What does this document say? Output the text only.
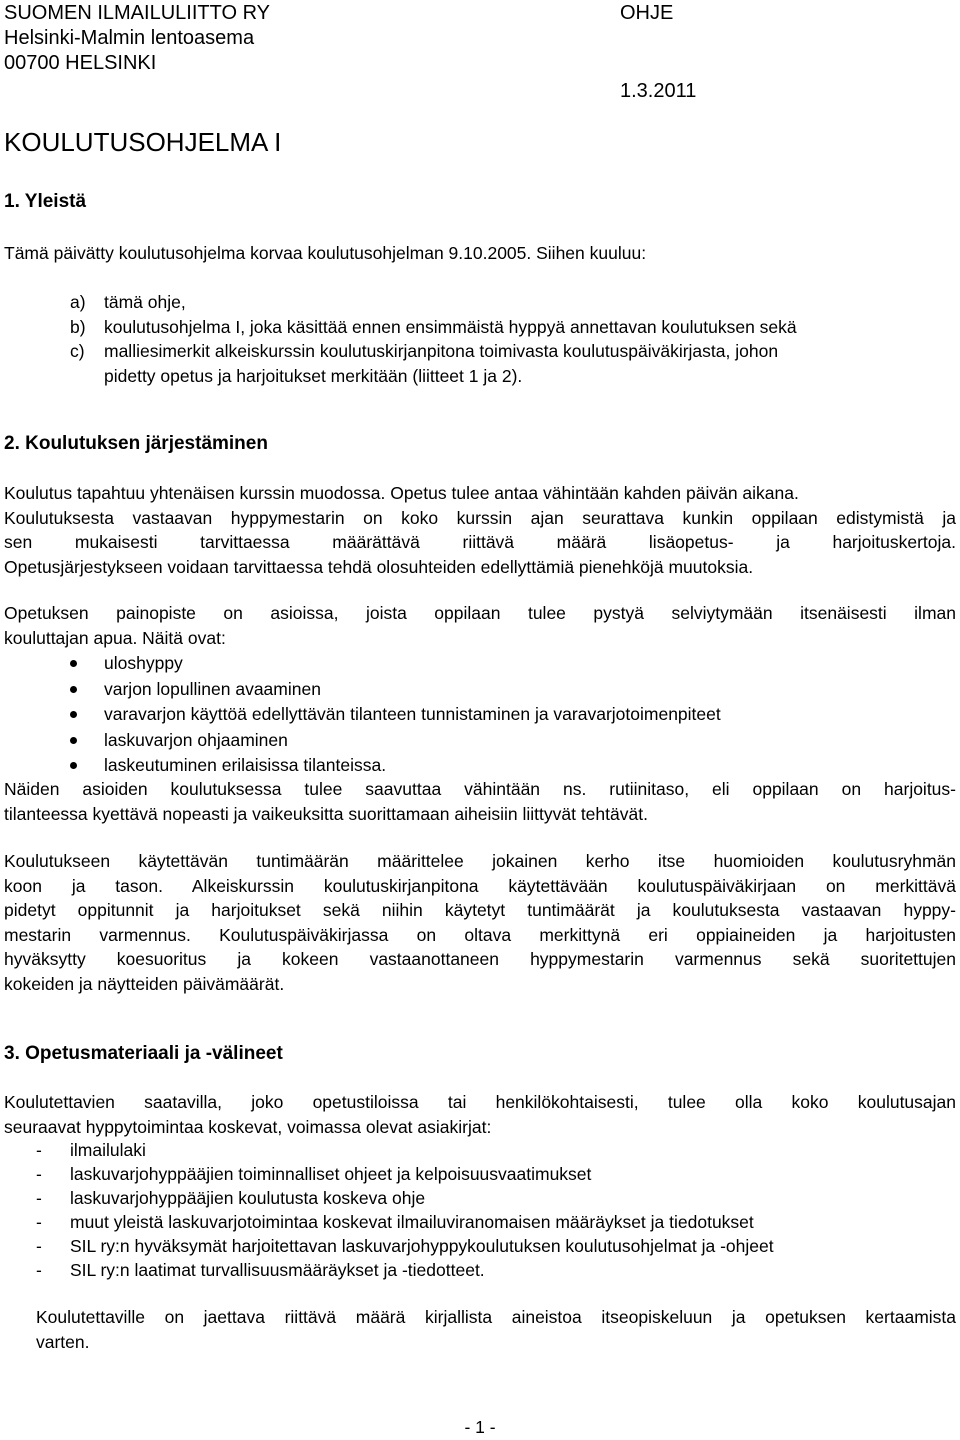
SUOMEN ILMAILULIITTO RY
Helsinki-Malmin lentoasema
00700 HELSINKI
OHJE
1.3.2011
KOULUTUSOHJELMA I
1. Yleistä

Tämä päivätty koulutusohjelma korvaa koulutusohjelman 9.10.2005. Siihen kuuluu:

a) tämä ohje,
b) koulutusohjelma I, joka käsittää ennen ensimmäistä hyppyä annettavan koulutuksen sekä
c) malliesimerkit alkeiskurssin koulutuskirjanpitona toimivasta koulutuspäiväkirjasta, johon
pidetty opetus ja harjoitukset merkitään (liitteet 1 ja 2).
2. Koulutuksen järjestäminen
Koulutus tapahtuu yhtenäisen kurssin muodossa. Opetus tulee antaa vähintään kahden päivän aikana.
Koulutuksesta vastaavan hyppymestarin on koko kurssin ajan seurattava kunkin oppilaan edistymistä ja
sen mukaisesti tarvittaessa määrättävä riittävä määrä lisäopetus- ja harjoituskertoja.
Opetusjärjestykseen voidaan tarvittaessa tehdä olosuhteiden edellyttämiä pienehköjä muutoksia.
Opetuksen painopiste on asioissa, joista oppilaan tulee pystyä selviytymään itsenäisesti ilman
kouluttajan apua. Näitä ovat:
uloshyppy
varjon lopullinen avaaminen
varavarjon käyttöä edellyttävän tilanteen tunnistaminen ja varavarjotoimenpiteet
laskuvarjon ohjaaminen
laskeutuminen erilaisissa tilanteissa.
Näiden asioiden koulutuksessa tulee saavuttaa vähintään ns. rutiinitaso, eli oppilaan on harjoitus-
tilanteessa kyettävä nopeasti ja vaikeuksitta suorittamaan aiheisiin liittyvät tehtävät.
Koulutukseen käytettävän tuntimäärän määrittelee jokainen kerho itse huomioiden koulutusryhmän
koon ja tason. Alkeiskurssin koulutuskirjanpitona käytettävään koulutuspäiväkirjaan on merkittävä
pidetyt oppitunnit ja harjoitukset sekä niihin käytetyt tuntimäärät ja koulutuksesta vastaavan hyppy-
mestarin varmennus. Koulutuspäiväkirjassa on oltava merkittynä eri oppiaineiden ja harjoitusten
hyväksytty koesuoritus ja kokeen vastaanottaneen hyppymestarin varmennus sekä suoritettujen
kokeiden ja näytteiden päivämäärät.
3. Opetusmateriaali ja -välineet
Koulutettavien saatavilla, joko opetustiloissa tai henkilökohtaisesti, tulee olla koko koulutusajan
seuraavat hyppytoimintaa koskevat, voimassa olevat asiakirjat:
- ilmailulaki
- laskuvarjohyppääjien toiminnalliset ohjeet ja kelpoisuusvaatimukset
- laskuvarjohyppääjien koulutusta koskeva ohje
- muut yleistä laskuvarjotoimintaa koskevat ilmailuviranomaisen määräykset ja tiedotukset
- SIL ry:n hyväksymät harjoitettavan laskuvarjohyppykoulutuksen koulutusohjelmat ja -ohjeet
- SIL ry:n laatimat turvallisuusmääräykset ja -tiedotteet.
Koulutettaville on jaettava riittävä määrä kirjallista aineistoa itseopiskeluun ja opetuksen kertaamista
varten.
- 1 -
